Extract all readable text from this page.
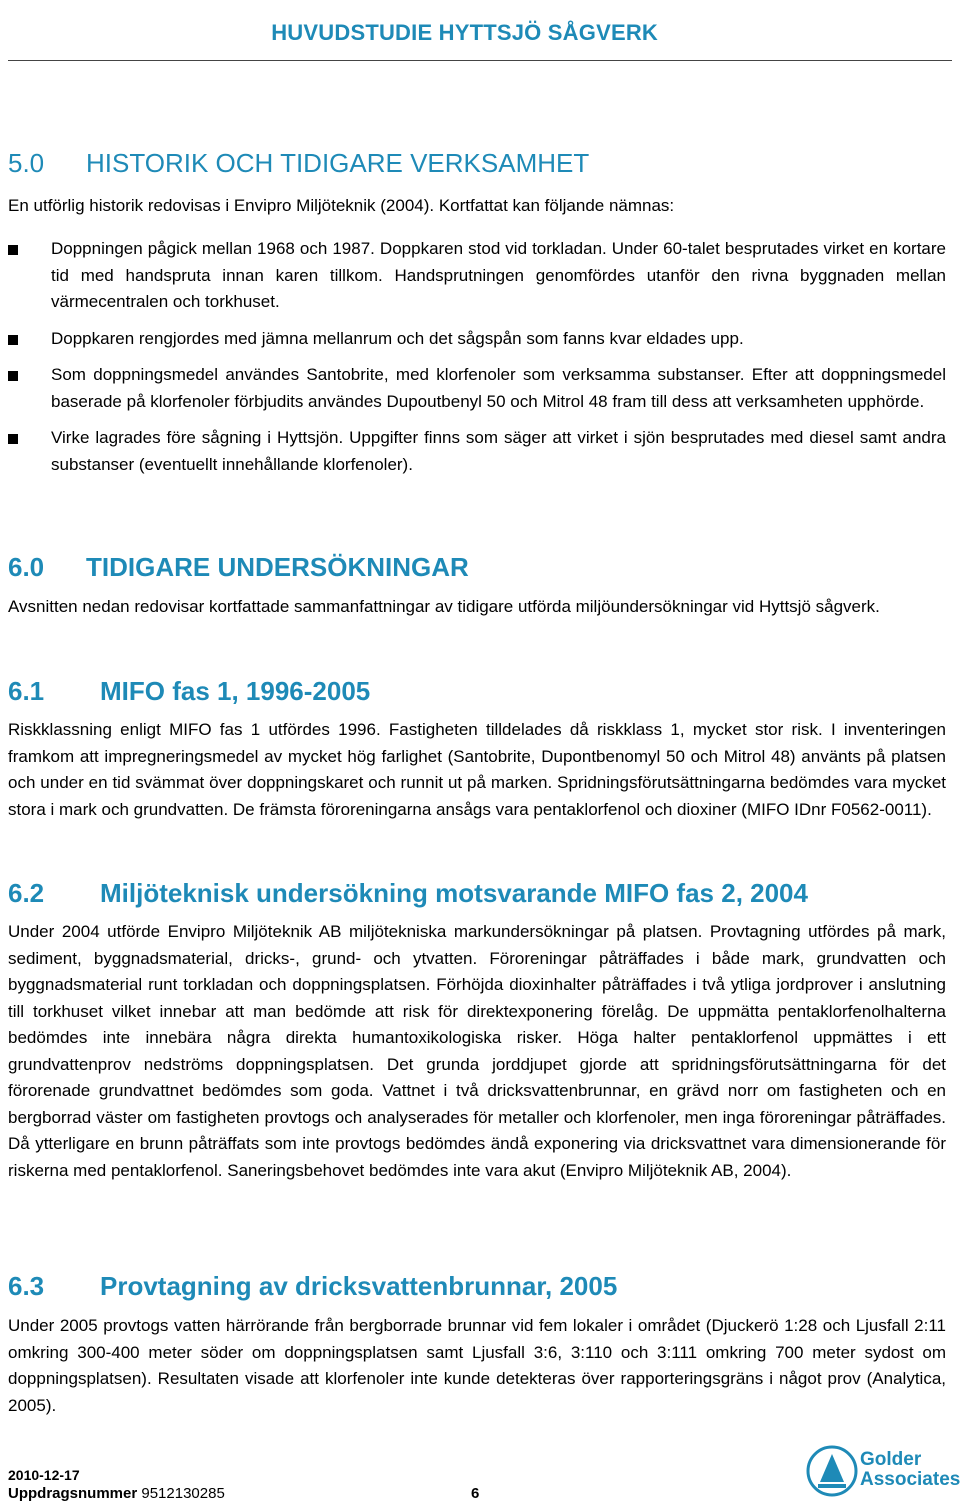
HUVUDSTUDIE HYTTSJÖ SÅGVERK
5.0 HISTORIK OCH TIDIGARE VERKSAMHET

En utförlig historik redovisas i Envipro Miljöteknik (2004). Kortfattat kan följande nämnas:

Doppningen pågick mellan 1968 och 1987. Doppkaren stod vid torkladan. Under 60-talet besprutades virket en kortare tid med handspruta innan karen tillkom. Handsprutningen genomfördes utanför den rivna byggnaden mellan värmecentralen och torkhuset.
Doppkaren rengjordes med jämna mellanrum och det sågspån som fanns kvar eldades upp.
Som doppningsmedel användes Santobrite, med klorfenoler som verksamma substanser. Efter att doppningsmedel baserade på klorfenoler förbjudits användes Dupoutbenyl 50 och Mitrol 48 fram till dess att verksamheten upphörde.
Virke lagrades före sågning i Hyttsjön. Uppgifter finns som säger att virket i sjön besprutades med diesel samt andra substanser (eventuellt innehållande klorfenoler).
6.0 TIDIGARE UNDERSÖKNINGAR

Avsnitten nedan redovisar kortfattade sammanfattningar av tidigare utförda miljöundersökningar vid Hyttsjö sågverk.

6.1 MIFO fas 1, 1996-2005

Riskklassning enligt MIFO fas 1 utfördes 1996. Fastigheten tilldelades då riskklass 1, mycket stor risk. I inventeringen framkom att impregneringsmedel av mycket hög farlighet (Santobrite, Dupontbenomyl 50 och Mitrol 48) använts på platsen och under en tid svämmat över doppningskaret och runnit ut på marken. Spridningsförutsättningarna bedömdes vara mycket stora i mark och grundvatten. De främsta föroreningarna ansågs vara pentaklorfenol och dioxiner (MIFO IDnr F0562-0011).

6.2 Miljöteknisk undersökning motsvarande MIFO fas 2, 2004

Under 2004 utförde Envipro Miljöteknik AB miljötekniska markundersökningar på platsen. Provtagning utfördes på mark, sediment, byggnadsmaterial, dricks-, grund- och ytvatten. Föroreningar påträffades i både mark, grundvatten och byggnadsmaterial runt torkladan och doppningsplatsen. Förhöjda dioxinhalter påträffades i två ytliga jordprover i anslutning till torkhuset vilket innebar att man bedömde att risk för direktexponering förelåg. De uppmätta pentaklorfenolhalterna bedömdes inte innebära några direkta humantoxikologiska risker. Höga halter pentaklorfenol uppmättes i ett grundvattenprov nedströms doppningsplatsen. Det grunda jorddjupet gjorde att spridningsförutsättningarna för det förorenade grundvattnet bedömdes som goda. Vattnet i två dricksvattenbrunnar, en grävd norr om fastigheten och en bergborrad väster om fastigheten provtogs och analyserades för metaller och klorfenoler, men inga föroreningar påträffades. Då ytterligare en brunn påträffats som inte provtogs bedömdes ändå exponering via dricksvattnet vara dimensionerande för riskerna med pentaklorfenol. Saneringsbehovet bedömdes inte vara akut (Envipro Miljöteknik AB, 2004).

6.3 Provtagning av dricksvattenbrunnar, 2005

Under 2005 provtogs vatten härrörande från bergborrade brunnar vid fem lokaler i området (Djuckerö 1:28 och Ljusfall 2:11 omkring 300-400 meter söder om doppningsplatsen samt Ljusfall 3:6, 3:110 och 3:111 omkring 700 meter sydost om doppningsplatsen). Resultaten visade att klorfenoler inte kunde detekteras över rapporteringsgräns i något prov (Analytica, 2005).

2010-12-17
Uppdragsnummer 9512130285	6
Golder
Associates
